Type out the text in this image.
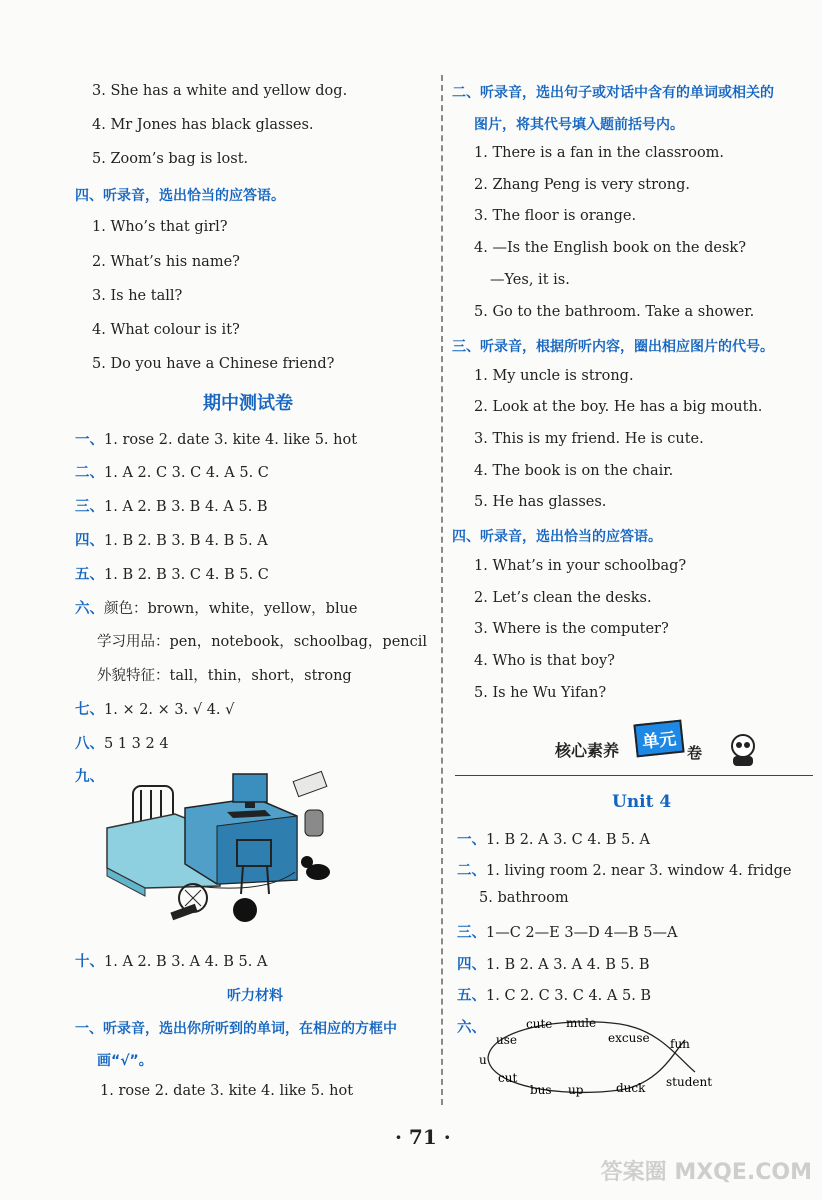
3. She has a white and yellow dog.
4. Mr Jones has black glasses.
5. Zoom’s bag is lost.
四、听录音，选出恰当的应答语。
1. Who’s that girl?
2. What’s his name?
3. Is he tall?
4. What colour is it?
5. Do you have a Chinese friend?
期中测试卷
一、1. rose 2. date 3. kite 4. like 5. hot
二、1. A 2. C 3. C 4. A 5. C
三、1. A 2. B 3. B 4. A 5. B
四、1. B 2. B 3. B 4. B 5. A
五、1. B 2. B 3. C 4. B 5. C
六、颜色：brown，white，yellow，blue
学习用品：pen，notebook，schoolbag，pencil
外貌特征：tall，thin，short，strong
七、1. × 2. × 3. √ 4. √
八、5 1 3 2 4
九、
十、1. A 2. B 3. A 4. B 5. A
听力材料
一、听录音，选出你所听到的单词，在相应的方框中
画“√”。
1. rose 2. date 3. kite 4. like 5. hot
二、听录音，选出句子或对话中含有的单词或相关的
图片，将其代号填入题前括号内。
1. There is a fan in the classroom.
2. Zhang Peng is very strong.
3. The floor is orange.
4. —Is the English book on the desk?
—Yes, it is.
5. Go to the bathroom. Take a shower.
三、听录音，根据所听内容，圈出相应图片的代号。
1. My uncle is strong.
2. Look at the boy. He has a big mouth.
3. This is my friend. He is cute.
4. The book is on the chair.
5. He has glasses.
四、听录音，选出恰当的应答语。
1. What’s in your schoolbag?
2. Let’s clean the desks.
3. Where is the computer?
4. Who is that boy?
5. Is he Wu Yifan?
核心素养	单元
卷
Unit 4
一、1. B 2. A 3. C 4. B 5. A
二、1. living room 2. near 3. window 4. fridge
5. bathroom
三、1—C 2—E 3—D 4—B 5—A
四、1. B 2. A 3. A 4. B 5. B
五、1. C 2. C 3. C 4. A 5. B
六、	cute mule
excuse
use	fun
u
cut
bus up	duck student
· 71 ·
答案圈 MXQE.COM
